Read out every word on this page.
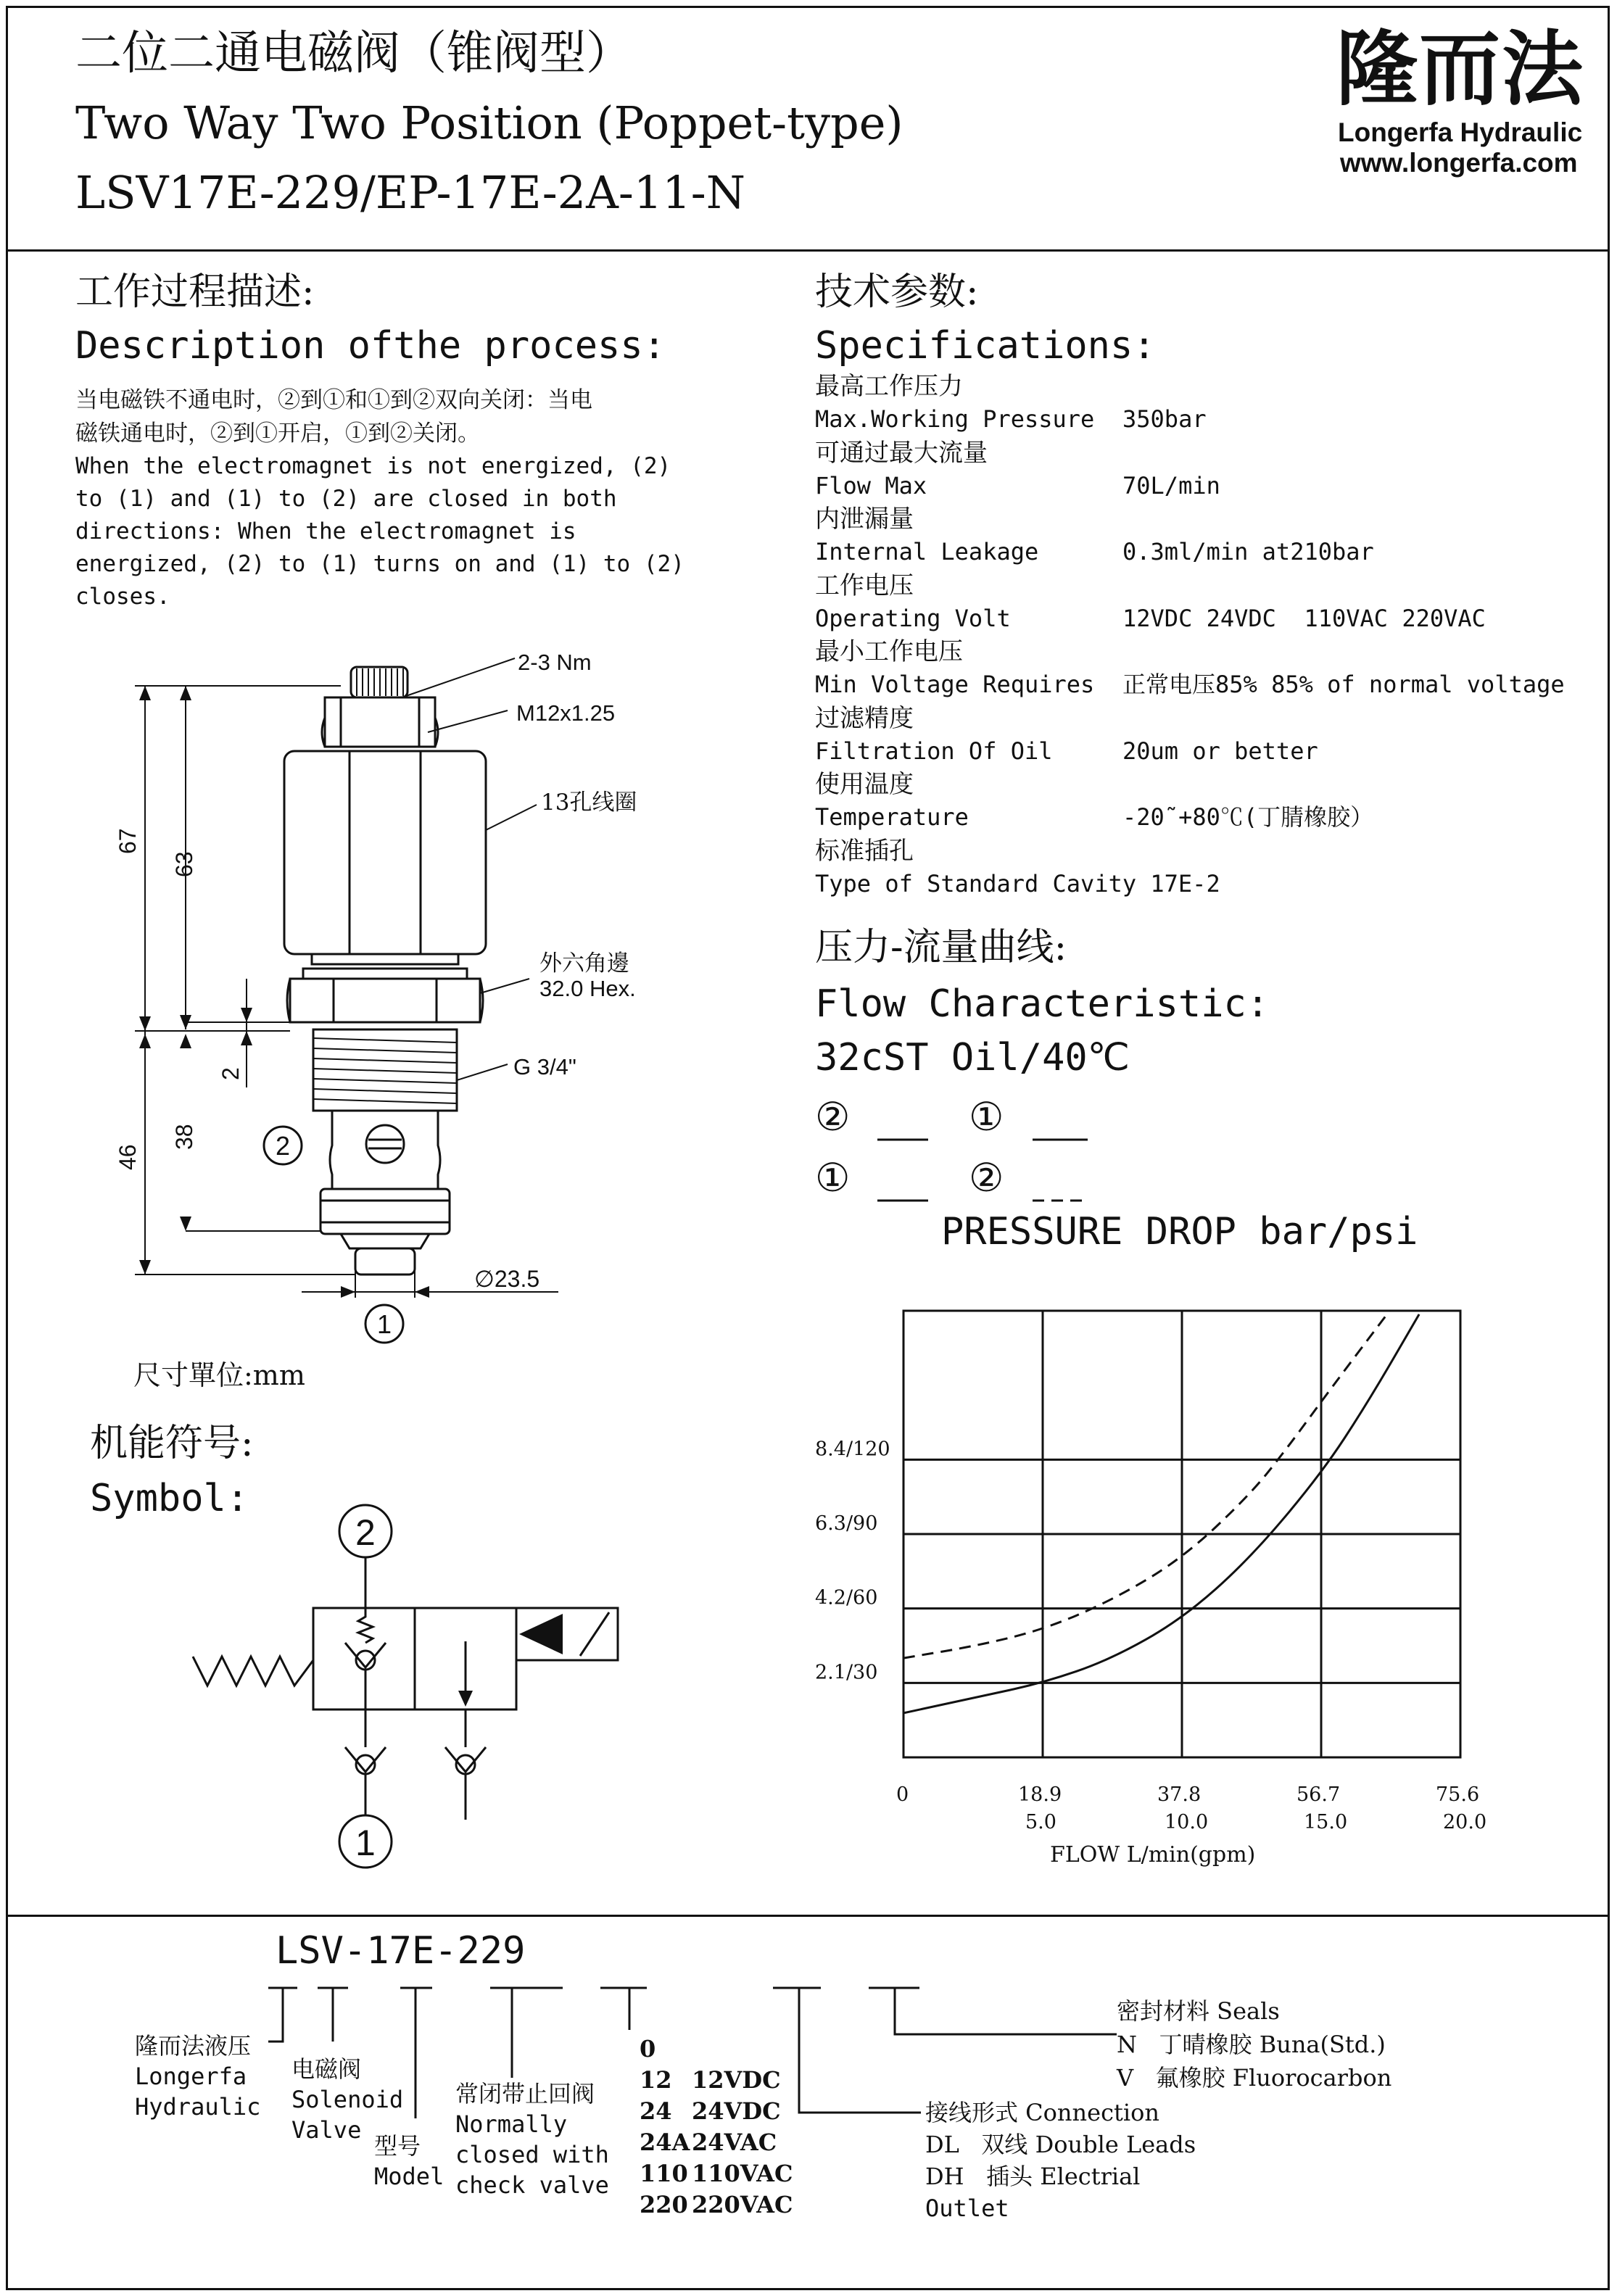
二位二通电磁阀（锥阀型）
Two Way Two Position (Poppet-type)
LSV17E-229/EP-17E-2A-11-N
隆而法
Longerfa Hydraulic
www.longerfa.com
工作过程描述:
Description ofthe process:
当电磁铁不通电时，②到①和①到②双向关闭：当电
磁铁通电时，②到①开启，①到②关闭。
When the electromagnet is not energized, (2)
to (1) and (1) to (2) are closed in both
directions: When the electromagnet is
energized, (2) to (1) turns on and (1) to (2)
closes.
2-3 Nm
M12x1.25
13孔线圈
外六角邊
32.0 Hex.
G 3/4"
67
63
2
38
46
∅23.5
2
1
尺寸單位:mm
机能符号:
Symbol:
2
1
技术参数:
Specifications:
最高工作压力
Max.Working Pressure 350bar
可通过最大流量
Flow Max	70L/min
内泄漏量
Internal Leakage	0.3ml/min at210bar
工作电压
Operating Volt	12VDC 24VDC  110VAC 220VAC
最小工作电压
Min Voltage Requires 正常电压85% 85% of normal voltage
过滤精度
Filtration Of Oil	20um or better
使用温度
Temperature	-20˜+80℃(丁腈橡胶）
标准插孔
Type of Standard Cavity 17E-2
压力-流量曲线:
Flow Characteristic:
32cST Oil/40℃
②	①
①	②
PRESSURE DROP bar/psi
2.1/30
4.2/60
6.3/90
8.4/120
0	18.9
5.0
37.8
10.0
56.7
15.0
75.6
20.0
FLOW L/min(gpm)
LSV-17E-229
隆而法液压
Longerfa
Hydraulic
电磁阀
Solenoid
Valve
型号
Model
常闭带止回阀
Normally
closed with
check valve
0
12 12VDC
24 24VDC
24A 24VAC
110 110VAC
220 220VAC
接线形式 Connection
DL   双线 Double Leads
DH   插头 Electrial
Outlet
密封材料 Seals
N   丁晴橡胶 Buna(Std.)
V   氟橡胶 Fluorocarbon
